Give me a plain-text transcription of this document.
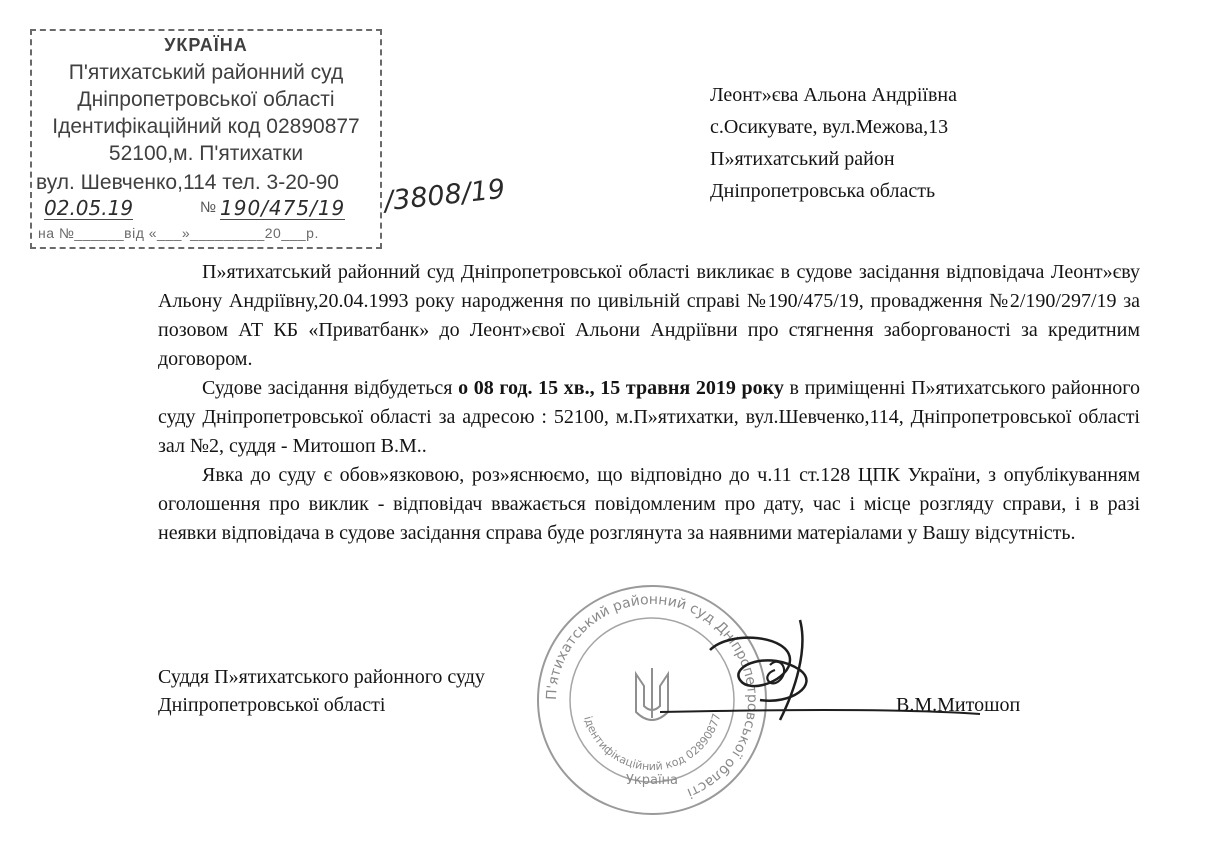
УКРАЇНА
П'ятихатський районний суд
Дніпропетровської області
Ідентифікаційний код 02890877
52100,м. П'ятихатки
вул. Шевченко,114 тел. 3-20-90
02.05.19	№ 190/475/19
на №______від «___»_________20___р.
/3808/19
Леонт»єва Альона Андріївна
с.Осикувате, вул.Межова,13
П»ятихатський район
Дніпропетровська область

П»ятихатський районний суд Дніпропетровської області викликає в судове засідання відповідача Леонт»єву Альону Андріївну,20.04.1993 року народження по цивільній справі №190/475/19, провадження №2/190/297/19 за позовом АТ КБ «Приватбанк» до Леонт»євої Альони Андріївни про стягнення заборгованості за кредитним договором.

Судове засідання відбудеться о 08 год. 15 хв., 15 травня 2019 року в приміщенні П»ятихатського районного суду Дніпропетровської області за адресою : 52100, м.П»ятихатки, вул.Шевченко,114, Дніпропетровської області зал №2, суддя - Митошоп В.М..

Явка до суду є обов»язковою, роз»яснюємо, що відповідно до ч.11 ст.128 ЦПК України, з опублікуванням оголошення про виклик - відповідач вважається повідомленим про дату, час і місце розгляду справи, і в разі неявки відповідача в судове засідання справа буде розглянута за наявними матеріалами у Вашу відсутність.

П'ятихатський районний суд Дніпропетровської області
ідентифікаційний код 02890877
Україна
Суддя П»ятихатського районного суду
Дніпропетровської області	В.М.Митошоп
